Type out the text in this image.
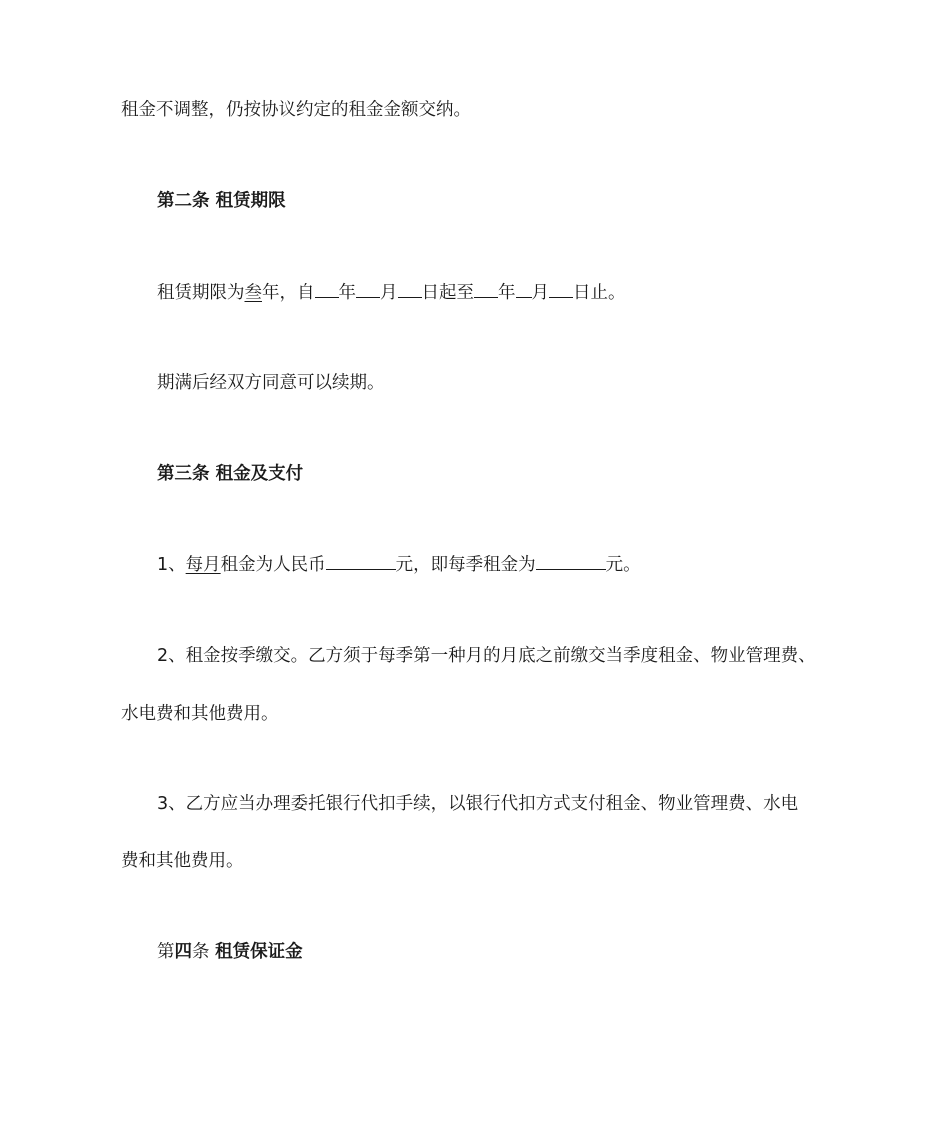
租金不调整，仍按协议约定的租金金额交纳。
第二条 租赁期限
租赁期限为叁年，自 年 月 日起至 年 月 日止。
期满后经双方同意可以续期。
第三条 租金及支付
1、每月租金为人民币	元，即每季租金为	元。
2、租金按季缴交。乙方须于每季第一种月的月底之前缴交当季度租金、物业管理费、
水电费和其他费用。
3、乙方应当办理委托银行代扣手续，以银行代扣方式支付租金、物业管理费、水电
费和其他费用。
第四条 租赁保证金
